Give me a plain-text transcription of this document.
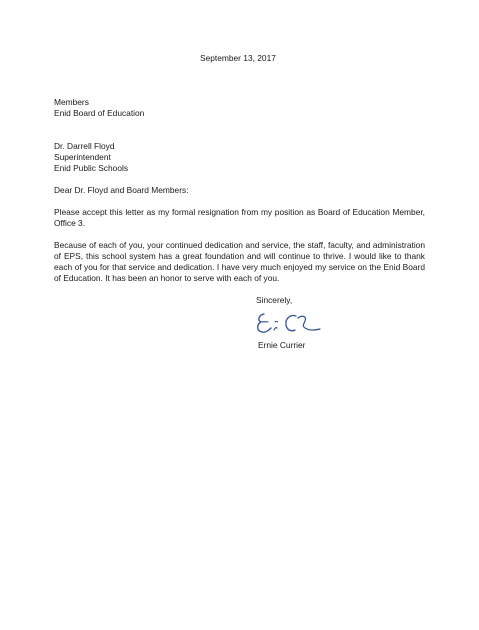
September 13, 2017
Members
Enid Board of Education
Dr. Darrell Floyd
Superintendent
Enid Public Schools
Dear Dr. Floyd and Board Members:
Please accept this letter as my formal resignation from my position as Board of Education Member, Office 3.
Because of each of you, your continued dedication and service, the staff, faculty, and administration of EPS, this school system has a great foundation and will continue to thrive. I would like to thank each of you for that service and dedication. I have very much enjoyed my service on the Enid Board of Education. It has been an honor to serve with each of you.
Sincerely,
Ernie Currier
